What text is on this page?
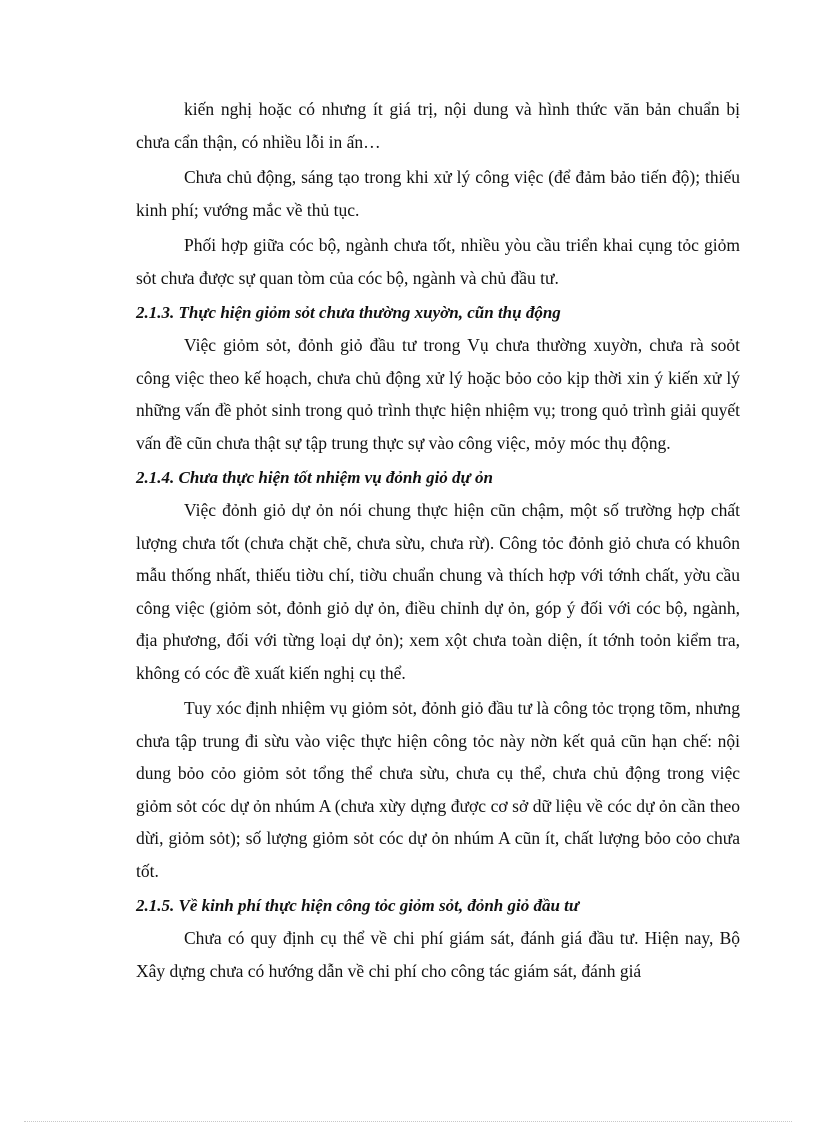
kiến nghị hoặc có nhưng ít giá trị, nội dung và hình thức văn bản chuẩn bị chưa cẩn thận, có nhiều lỗi in ấn…

Chưa chủ động, sáng tạo trong khi xử lý công việc (để đảm bảo tiến độ); thiếu kinh phí; vướng mắc về thủ tục.

Phối hợp giữa cóc bộ, ngành chưa tốt, nhiều yòu cầu triển khai cụng tỏc giỏm sỏt chưa được sự quan tòm của cóc bộ, ngành và chủ đầu tư.

2.1.3. Thực hiện giỏm sỏt chưa thường xuyờn, cũn thụ động

Việc giỏm sỏt, đỏnh giỏ đầu tư trong Vụ chưa thường xuyờn, chưa rà soỏt công việc theo kế hoạch, chưa chủ động xử lý hoặc bỏo cỏo kịp thời xin ý kiến xử lý những vấn đề phỏt sinh trong quỏ trình thực hiện nhiệm vụ; trong quỏ trình giải quyết vấn đề cũn chưa thật sự tập trung thực sự vào công việc, mỏy móc thụ động.

2.1.4. Chưa thực hiện tốt nhiệm vụ đỏnh giỏ dự ỏn

Việc đỏnh giỏ dự ỏn nói chung thực hiện cũn chậm, một số trường hợp chất lượng chưa tốt (chưa chặt chẽ, chưa sừu, chưa rừ). Công tỏc đỏnh giỏ chưa có khuôn mẫu thống nhất, thiếu tiờu chí, tiờu chuẩn chung và thích hợp với tớnh chất, yờu cầu công việc (giỏm sỏt, đỏnh giỏ dự ỏn, điều chỉnh dự ỏn, góp ý đối với cóc bộ, ngành, địa phương, đối với từng loại dự ỏn); xem xột chưa toàn diện, ít tớnh toỏn kiểm tra, không có cóc đề xuất kiến nghị cụ thể.

Tuy xóc định nhiệm vụ giỏm sỏt, đỏnh giỏ đầu tư là công tỏc trọng tõm, nhưng chưa tập trung đi sừu vào việc thực hiện công tỏc này nờn kết quả cũn hạn chế: nội dung bỏo cỏo giỏm sỏt tổng thể chưa sừu, chưa cụ thể, chưa chủ động trong việc giỏm sỏt cóc dự ỏn nhúm A (chưa xừy dựng được cơ sở dữ liệu về cóc dự ỏn cần theo dừi, giỏm sỏt); số lượng giỏm sỏt cóc dự ỏn nhúm A cũn ít, chất lượng bỏo cỏo chưa tốt.

2.1.5. Về kinh phí thực hiện công tỏc giỏm sỏt, đỏnh giỏ đầu tư

Chưa có quy định cụ thể về chi phí giám sát, đánh giá đầu tư. Hiện nay, Bộ Xây dựng chưa có hướng dẫn về chi phí cho công tác giám sát, đánh giá
